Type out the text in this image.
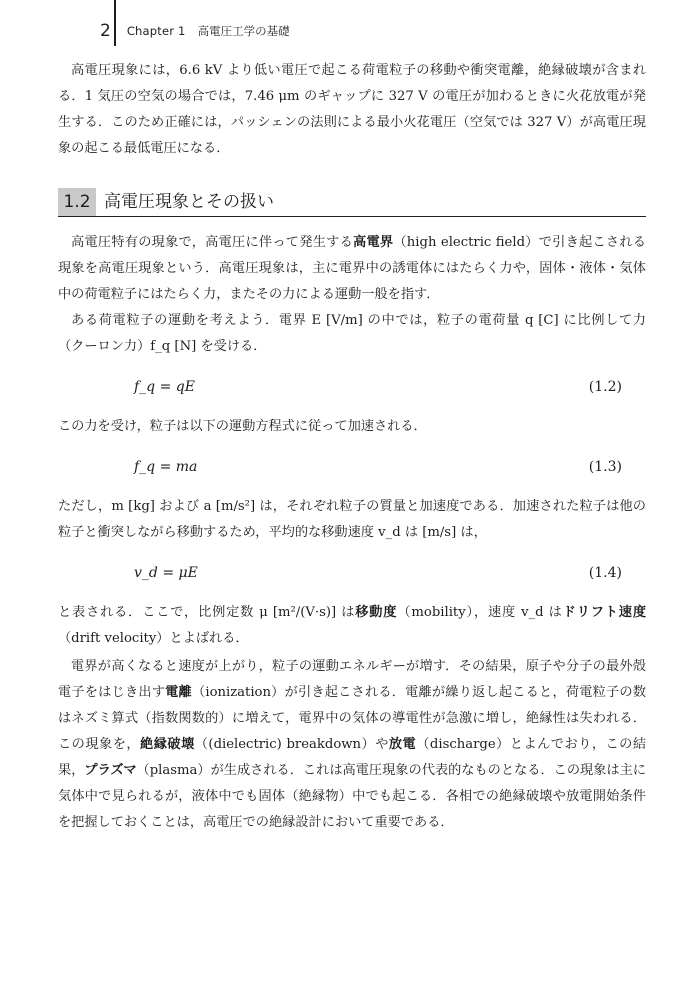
2 Chapter 1 高電圧工学の基礎

高電圧現象には，6.6 kV より低い電圧で起こる荷電粒子の移動や衝突電離，絶縁破壊が含まれる．1 気圧の空気の場合では，7.46 μm のギャップに 327 V の電圧が加わるときに火花放電が発生する．このため正確には，パッシェンの法則による最小火花電圧（空気では 327 V）が高電圧現象の起こる最低電圧になる．

1.2 高電圧現象とその扱い

高電圧特有の現象で，高電圧に伴って発生する高電界（high electric field）で引き起こされる現象を高電圧現象という．高電圧現象は，主に電界中の誘電体にはたらく力や，固体・液体・気体中の荷電粒子にはたらく力，またその力による運動一般を指す．

ある荷電粒子の運動を考えよう．電界 E [V/m] の中では，粒子の電荷量 q [C] に比例して力（クーロン力）f_q [N] を受ける．

f_q = qE	(1.2)

この力を受け，粒子は以下の運動方程式に従って加速される．

f_q = ma	(1.3)

ただし，m [kg] および a [m/s²] は，それぞれ粒子の質量と加速度である．加速された粒子は他の粒子と衝突しながら移動するため，平均的な移動速度 v_d は [m/s] は，

v_d = μE	(1.4)

と表される．ここで，比例定数 μ [m²/(V·s)] は移動度（mobility），速度 v_d はドリフト速度（drift velocity）とよばれる．

電界が高くなると速度が上がり，粒子の運動エネルギーが増す．その結果，原子や分子の最外殻電子をはじき出す電離（ionization）が引き起こされる．電離が繰り返し起こると，荷電粒子の数はネズミ算式（指数関数的）に増えて，電界中の気体の導電性が急激に増し，絶縁性は失われる．この現象を，絶縁破壊（(dielectric) breakdown）や放電（discharge）とよんでおり，この結果，プラズマ（plasma）が生成される．これは高電圧現象の代表的なものとなる．この現象は主に気体中で見られるが，液体中でも固体（絶縁物）中でも起こる．各相での絶縁破壊や放電開始条件を把握しておくことは，高電圧での絶縁設計において重要である．
